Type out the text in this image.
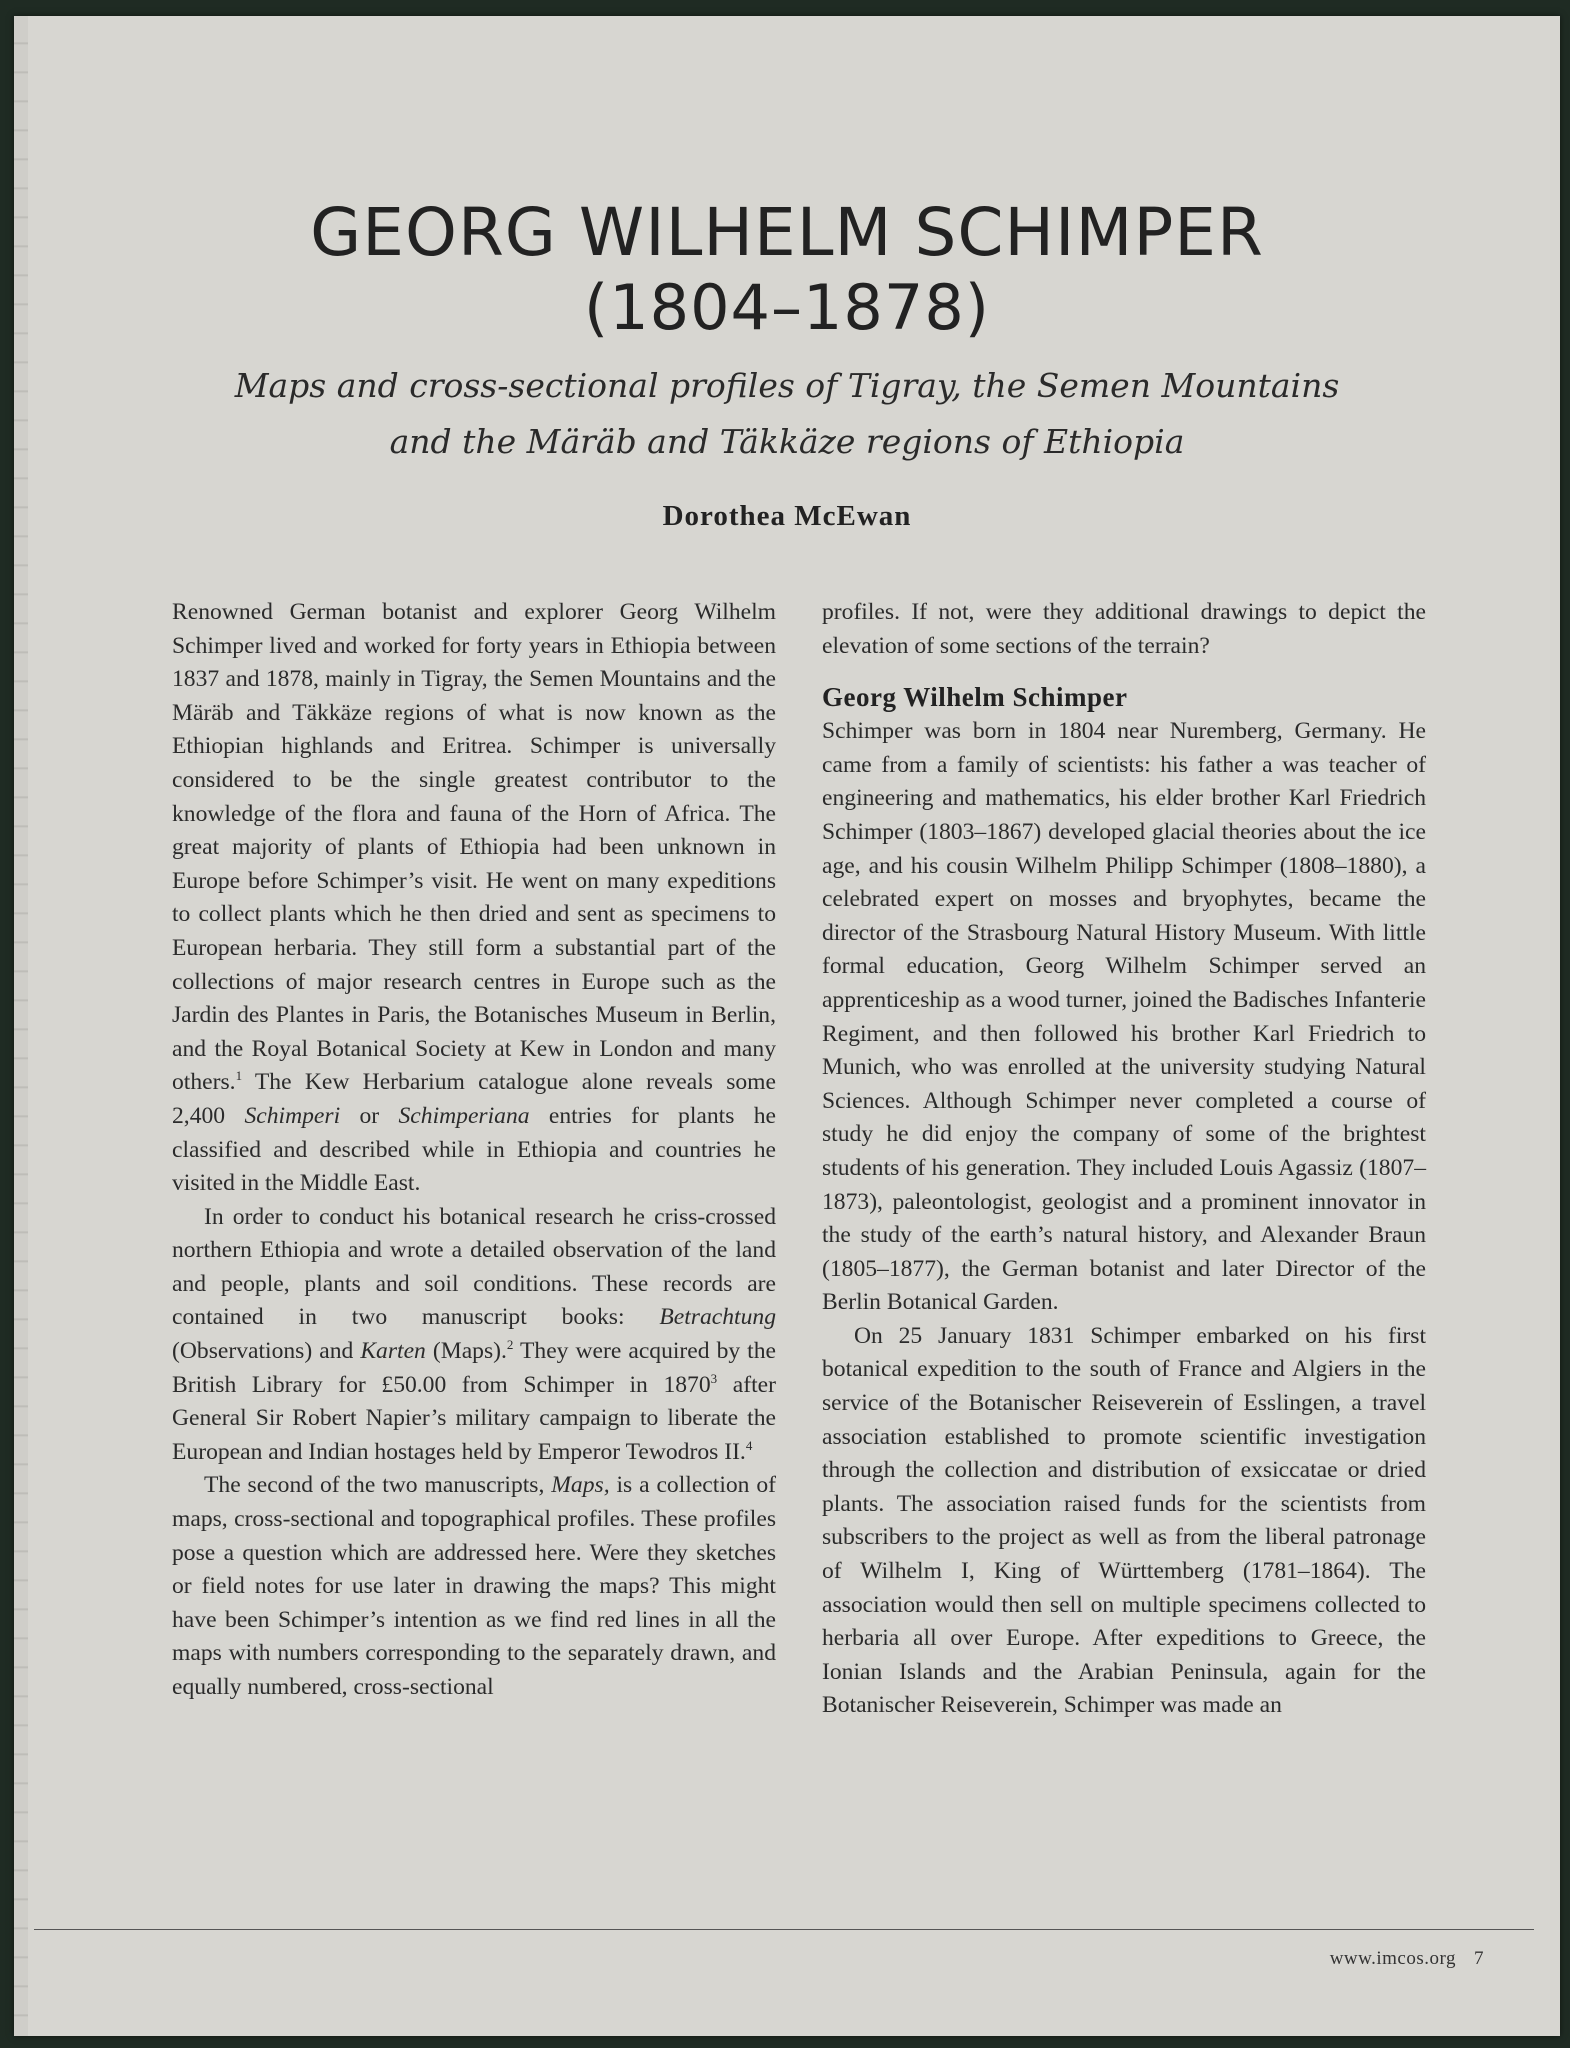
GEORG WILHELM SCHIMPER
(1804–1878)
Maps and cross-sectional profiles of Tigray, the Semen Mountains
and the Märäb and Täkkäze regions of Ethiopia
Dorothea McEwan

Renowned German botanist and explorer Georg Wilhelm Schimper lived and worked for forty years in Ethiopia between 1837 and 1878, mainly in Tigray, the Semen Mountains and the Märäb and Täkkäze regions of what is now known as the Ethiopian highlands and Eritrea. Schimper is universally considered to be the single greatest contributor to the knowledge of the flora and fauna of the Horn of Africa. The great majority of plants of Ethiopia had been unknown in Europe before Schimper’s visit. He went on many expeditions to collect plants which he then dried and sent as specimens to European herbaria. They still form a substantial part of the collections of major research centres in Europe such as the Jardin des Plantes in Paris, the Botanisches Museum in Berlin, and the Royal Botanical Society at Kew in London and many others.$^1$ The Kew Herbarium catalogue alone reveals some 2,400 Schimperi or Schimperiana entries for plants he classified and described while in Ethiopia and countries he visited in the Middle East.

In order to conduct his botanical research he criss-crossed northern Ethiopia and wrote a detailed observation of the land and people, plants and soil conditions. These records are contained in two manuscript books: Betrachtung (Observations) and Karten (Maps).$^2$ They were acquired by the British Library for £50.00 from Schimper in 1870$^3$ after General Sir Robert Napier’s military campaign to liberate the European and Indian hostages held by Emperor Tewodros II.$^4$

The second of the two manuscripts, Maps, is a collection of maps, cross-sectional and topographical profiles. These profiles pose a question which are addressed here. Were they sketches or field notes for use later in drawing the maps? This might have been Schimper’s intention as we find red lines in all the maps with numbers corresponding to the separately drawn, and equally numbered, cross-sectional

profiles. If not, were they additional drawings to depict the elevation of some sections of the terrain?

Georg Wilhelm Schimper

Schimper was born in 1804 near Nuremberg, Germany. He came from a family of scientists: his father a was teacher of engineering and mathematics, his elder brother Karl Friedrich Schimper (1803–1867) developed glacial theories about the ice age, and his cousin Wilhelm Philipp Schimper (1808–1880), a celebrated expert on mosses and bryophytes, became the director of the Strasbourg Natural History Museum. With little formal education, Georg Wilhelm Schimper served an apprenticeship as a wood turner, joined the Badisches Infanterie Regiment, and then followed his brother Karl Friedrich to Munich, who was enrolled at the university studying Natural Sciences. Although Schimper never completed a course of study he did enjoy the company of some of the brightest students of his generation. They included Louis Agassiz (1807–1873), paleontologist, geologist and a prominent innovator in the study of the earth’s natural history, and Alexander Braun (1805–1877), the German botanist and later Director of the Berlin Botanical Garden.

On 25 January 1831 Schimper embarked on his first botanical expedition to the south of France and Algiers in the service of the Botanischer Reiseverein of Esslingen, a travel association established to promote scientific investigation through the collection and distribution of exsiccatae or dried plants. The association raised funds for the scientists from subscribers to the project as well as from the liberal patronage of Wilhelm I, King of Württemberg (1781–1864). The association would then sell on multiple specimens collected to herbaria all over Europe. After expeditions to Greece, the Ionian Islands and the Arabian Peninsula, again for the Botanischer Reiseverein, Schimper was made an

www.imcos.org 7
